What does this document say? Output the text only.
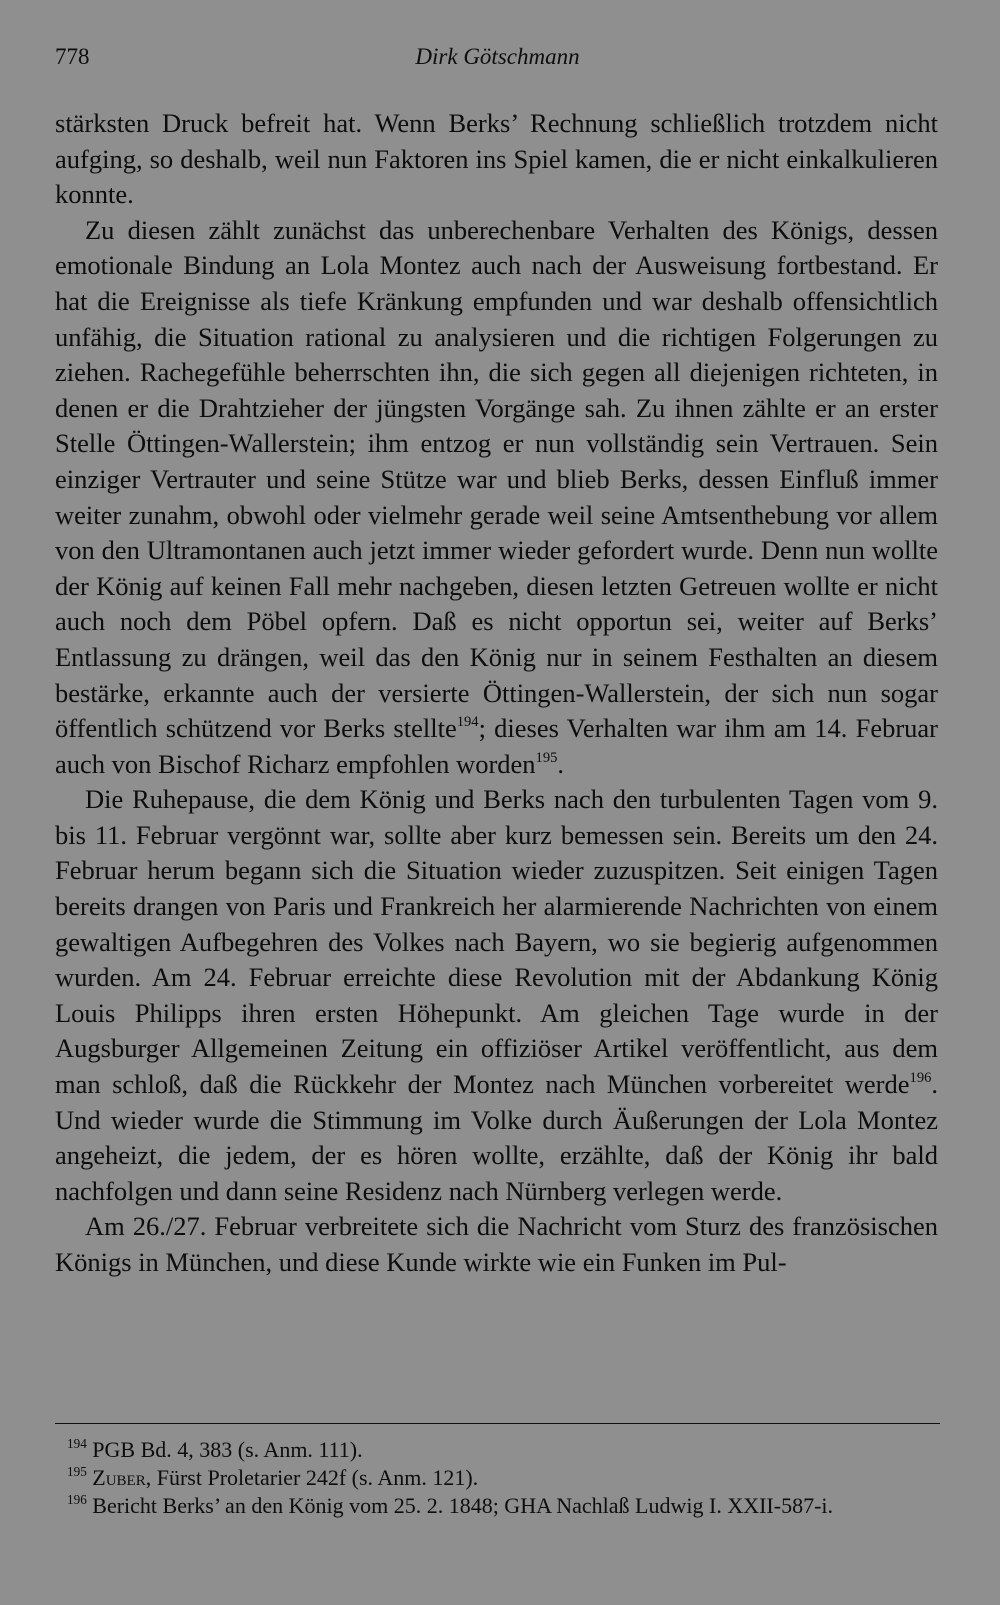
778	Dirk Götschmann

stärksten Druck befreit hat. Wenn Berks’ Rechnung schließlich trotzdem nicht aufging, so deshalb, weil nun Faktoren ins Spiel kamen, die er nicht einkalkulieren konnte.

Zu diesen zählt zunächst das unberechenbare Verhalten des Königs, dessen emotionale Bindung an Lola Montez auch nach der Ausweisung fortbestand. Er hat die Ereignisse als tiefe Kränkung empfunden und war deshalb offensichtlich unfähig, die Situation rational zu analysieren und die richtigen Folgerungen zu ziehen. Rachegefühle beherrschten ihn, die sich gegen all diejenigen richteten, in denen er die Drahtzieher der jüngsten Vorgänge sah. Zu ihnen zählte er an erster Stelle Öttingen-Wallerstein; ihm entzog er nun vollständig sein Vertrauen. Sein einziger Vertrauter und seine Stütze war und blieb Berks, dessen Einfluß immer weiter zunahm, obwohl oder vielmehr gerade weil seine Amtsenthebung vor allem von den Ultramontanen auch jetzt immer wieder gefordert wurde. Denn nun wollte der König auf keinen Fall mehr nachgeben, diesen letzten Getreuen wollte er nicht auch noch dem Pöbel opfern. Daß es nicht opportun sei, weiter auf Berks’ Entlassung zu drängen, weil das den König nur in seinem Festhalten an diesem bestärke, erkannte auch der versierte Öttingen-Wallerstein, der sich nun sogar öffentlich schützend vor Berks stellte$^{194}$; dieses Verhalten war ihm am 14. Februar auch von Bischof Richarz empfohlen worden$^{195}$.

Die Ruhepause, die dem König und Berks nach den turbulenten Tagen vom 9. bis 11. Februar vergönnt war, sollte aber kurz bemessen sein. Bereits um den 24. Februar herum begann sich die Situation wieder zuzuspitzen. Seit einigen Tagen bereits drangen von Paris und Frankreich her alarmierende Nachrichten von einem gewaltigen Aufbegehren des Volkes nach Bayern, wo sie begierig aufgenommen wurden. Am 24. Februar erreichte diese Revolution mit der Abdankung König Louis Philipps ihren ersten Höhepunkt. Am gleichen Tage wurde in der Augsburger Allgemeinen Zeitung ein offiziöser Artikel veröffentlicht, aus dem man schloß, daß die Rückkehr der Montez nach München vorbereitet werde$^{196}$. Und wieder wurde die Stimmung im Volke durch Äußerungen der Lola Montez angeheizt, die jedem, der es hören wollte, erzählte, daß der König ihr bald nachfolgen und dann seine Residenz nach Nürnberg verlegen werde.

Am 26./27. Februar verbreitete sich die Nachricht vom Sturz des französischen Königs in München, und diese Kunde wirkte wie ein Funken im Pul-

$^{194}$ PGB Bd. 4, 383 (s. Anm. 111).

$^{195}$ Zuber, Fürst Proletarier 242f (s. Anm. 121).

$^{196}$ Bericht Berks’ an den König vom 25. 2. 1848; GHA Nachlaß Ludwig I. XXII-587-i.
